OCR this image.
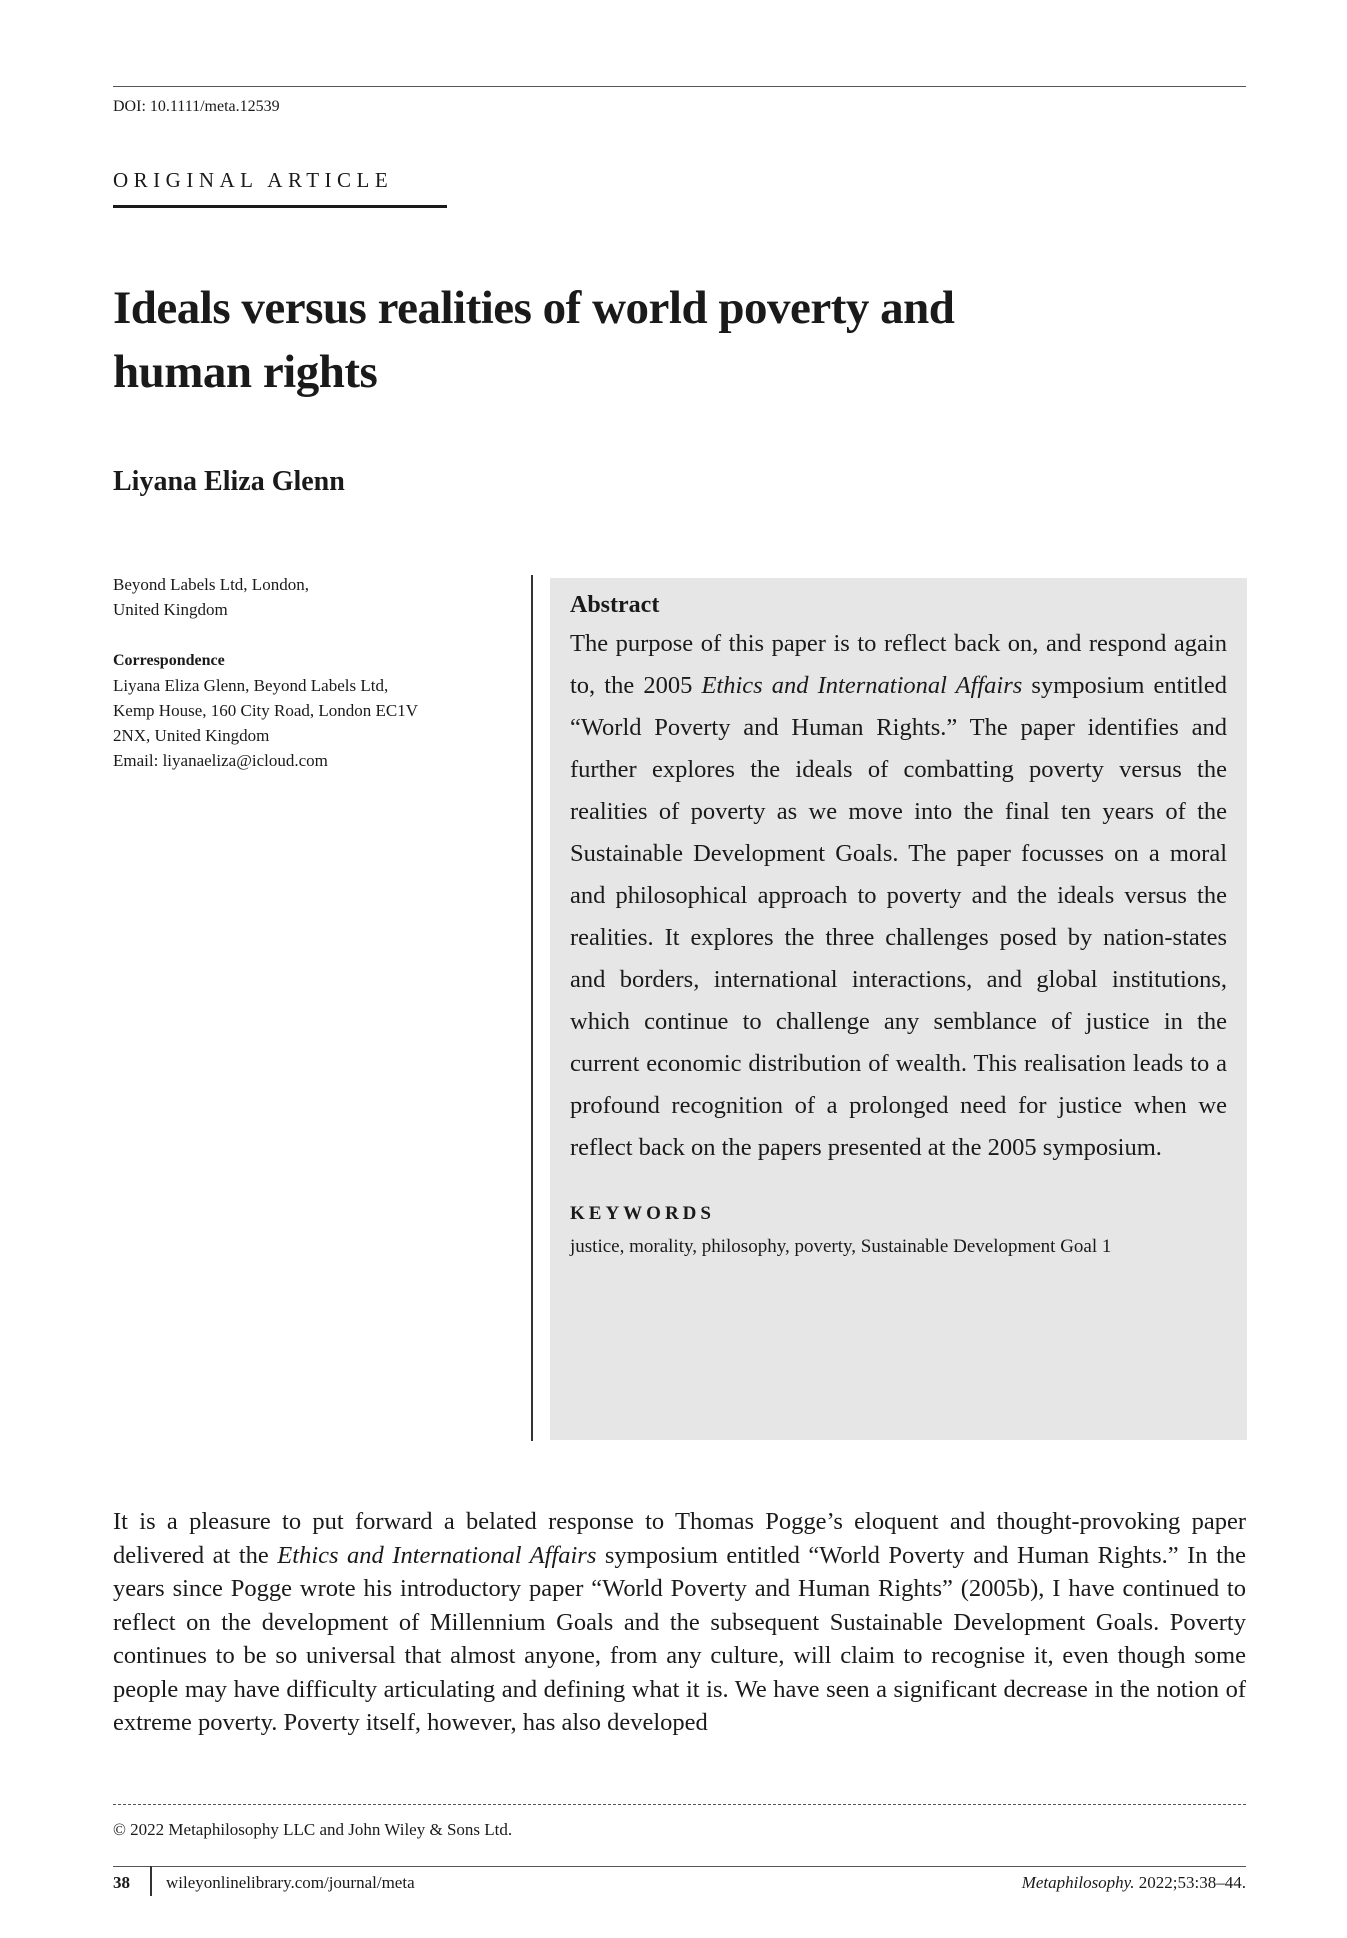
DOI: 10.1111/meta.12539
ORIGINAL ARTICLE
Ideals versus realities of world poverty and human rights
Liyana Eliza Glenn
Beyond Labels Ltd, London,
United Kingdom
Correspondence
Liyana Eliza Glenn, Beyond Labels Ltd,
Kemp House, 160 City Road, London EC1V
2NX, United Kingdom
Email: liyanaeliza@icloud.com
Abstract

The purpose of this paper is to reflect back on, and respond again to, the 2005 Ethics and International Affairs symposium entitled “World Poverty and Human Rights.” The paper identifies and further explores the ideals of combatting poverty versus the realities of poverty as we move into the final ten years of the Sustainable Development Goals. The paper focusses on a moral and philosophical approach to poverty and the ideals versus the realities. It explores the three challenges posed by nation-states and borders, international interactions, and global institutions, which continue to challenge any semblance of justice in the current economic distribution of wealth. This realisation leads to a profound recognition of a prolonged need for justice when we reflect back on the papers presented at the 2005 symposium.

KEYWORDS

justice, morality, philosophy, poverty, Sustainable Development Goal 1

It is a pleasure to put forward a belated response to Thomas Pogge’s eloquent and thought-provoking paper delivered at the Ethics and International Affairs symposium entitled “World Poverty and Human Rights.” In the years since Pogge wrote his introductory paper “World Poverty and Human Rights” (2005b), I have continued to reflect on the development of Millennium Goals and the subsequent Sustainable Development Goals. Poverty continues to be so universal that almost anyone, from any culture, will claim to recognise it, even though some people may have difficulty articulating and defining what it is. We have seen a significant decrease in the notion of extreme poverty. Poverty itself, however, has also developed

© 2022 Metaphilosophy LLC and John Wiley & Sons Ltd.
38 wileyonlinelibrary.com/journal/meta	Metaphilosophy. 2022;53:38–44.
